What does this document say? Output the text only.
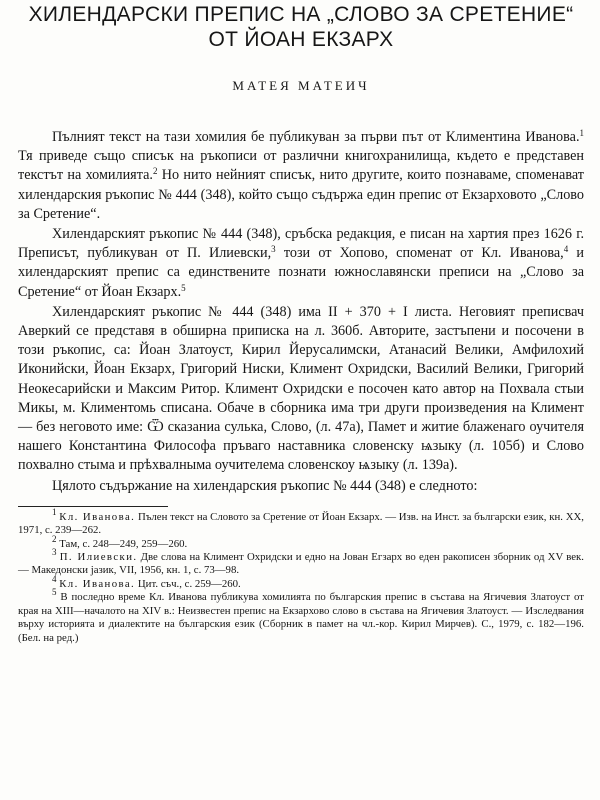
ХИЛЕНДАРСКИ ПРЕПИС НА „СЛОВО ЗА СРЕТЕНИЕ“
ОТ ЙОАН ЕКЗАРХ
МАТЕЯ МАТЕИЧ

Пълният текст на тази хомилия бе публикуван за първи път от Климентина Иванова.$^1$ Тя приведе също списък на ръкописи от различни книгохранилища, където е представен текстът на хомилията.$^2$ Но нито нейният списък, нито другите, които познаваме, споменават хилендарския ръкопис № 444 (348), който също съдържа един препис от Екзарховото „Слово за Сретение“.

Хилендарският ръкопис № 444 (348), сръбска редакция, е писан на хартия през 1626 г. Преписът, публикуван от П. Илиевски,$^3$ този от Хопово, споменат от Кл. Иванова,$^4$ и хилендарският препис са единствените познати южнославянски преписи на „Слово за Сретение“ от Йоан Екзарх.$^5$

Хилендарският ръкопис № 444 (348) има II + 370 + I листа. Неговият преписвач Аверкий се представя в обширна приписка на л. 360б. Авторите, застъпени и посочени в този ръкопис, са: Йоан Златоуст, Кирил Йерусалимски, Атанасий Велики, Амфилохий Иконийски, Йоан Екзарх, Григорий Ниски, Климент Охридски, Василий Велики, Григорий Неокесарийски и Максим Ритор. Климент Охридски е посочен като автор на Похвала стыи Микы, м. Климентомь списана. Обаче в сборника има три други произведения на Климент — без неговото име: Ѿ сказаниа сулька, Слово, (л. 47а), Памет и житие блаженаго оучителя нашего Константина Философа пръваго наставника словенску ѩзыку (л. 105б) и Слово похвално стыма и прѣхвалныма оучителема словенскоу ѩзыку (л. 139а).

Цялото съдържание на хилендарския ръкопис № 444 (348) е следното:

$^1$ Кл. Иванова. Пълен текст на Словото за Сретение от Йоан Екзарх. — Изв. на Инст. за български език, кн. XX, 1971, с. 239—262.

$^2$ Там, с. 248—249, 259—260.

$^3$ П. Илиевски. Две слова на Климент Охридски и едно на Јован Егзарх во еден ракописен зборник од XV век. — Македонски јазик, VII, 1956, кн. 1, с. 73—98.

$^4$ Кл. Иванова. Цит. съч., с. 259—260.

$^5$ В последно време Кл. Иванова публикува хомилията по българския препис в състава на Ягичевия Златоуст от края на XIII—началото на XIV в.: Неизвестен препис на Екзархово слово в състава на Ягичевия Златоуст. — Изследвания върху историята и диалектите на българския език (Сборник в памет на чл.-кор. Кирил Мирчев). С., 1979, с. 182—196. (Бел. на ред.)
